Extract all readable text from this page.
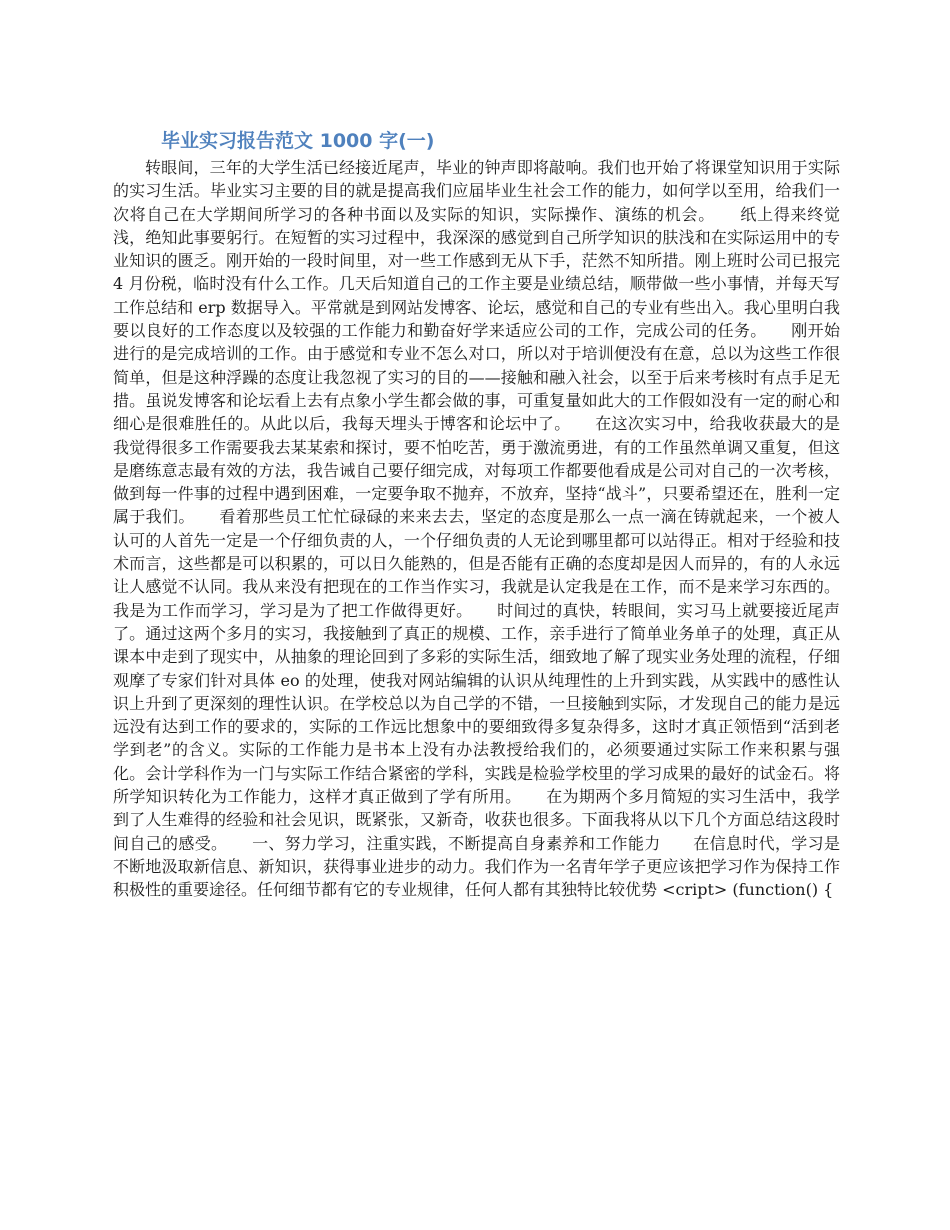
毕业实习报告范文 1000 字(一)

转眼间，三年的大学生活已经接近尾声，毕业的钟声即将敲响。我们也开始了将课堂知识用于实际的实习生活。毕业实习主要的目的就是提高我们应届毕业生社会工作的能力，如何学以至用，给我们一次将自己在大学期间所学习的各种书面以及实际的知识，实际操作、演练的机会。　　纸上得来终觉浅，绝知此事要躬行。在短暂的实习过程中，我深深的感觉到自己所学知识的肤浅和在实际运用中的专业知识的匮乏。刚开始的一段时间里，对一些工作感到无从下手，茫然不知所措。刚上班时公司已报完 4 月份税，临时没有什么工作。几天后知道自己的工作主要是业绩总结，顺带做一些小事情，并每天写工作总结和 erp 数据导入。平常就是到网站发博客、论坛，感觉和自己的专业有些出入。我心里明白我要以良好的工作态度以及较强的工作能力和勤奋好学来适应公司的工作，完成公司的任务。　　刚开始进行的是完成培训的工作。由于感觉和专业不怎么对口，所以对于培训便没有在意，总以为这些工作很简单，但是这种浮躁的态度让我忽视了实习的目的——接触和融入社会，以至于后来考核时有点手足无措。虽说发博客和论坛看上去有点象小学生都会做的事，可重复量如此大的工作假如没有一定的耐心和细心是很难胜任的。从此以后，我每天埋头于博客和论坛中了。　　在这次实习中，给我收获最大的是我觉得很多工作需要我去某某索和探讨，要不怕吃苦，勇于激流勇进，有的工作虽然单调又重复，但这是磨练意志最有效的方法，我告诫自己要仔细完成，对每项工作都要他看成是公司对自己的一次考核，做到每一件事的过程中遇到困难，一定要争取不抛弃，不放弃，坚持“战斗”，只要希望还在，胜利一定属于我们。　　看着那些员工忙忙碌碌的来来去去，坚定的态度是那么一点一滴在铸就起来，一个被人认可的人首先一定是一个仔细负责的人，一个仔细负责的人无论到哪里都可以站得正。相对于经验和技术而言，这些都是可以积累的，可以日久能熟的，但是否能有正确的态度却是因人而异的，有的人永远让人感觉不认同。我从来没有把现在的工作当作实习，我就是认定我是在工作，而不是来学习东西的。我是为工作而学习，学习是为了把工作做得更好。　　时间过的真快，转眼间，实习马上就要接近尾声了。通过这两个多月的实习，我接触到了真正的规模、工作，亲手进行了简单业务单子的处理，真正从课本中走到了现实中，从抽象的理论回到了多彩的实际生活，细致地了解了现实业务处理的流程，仔细观摩了专家们针对具体 eo 的处理，使我对网站编辑的认识从纯理性的上升到实践，从实践中的感性认识上升到了更深刻的理性认识。在学校总以为自己学的不错，一旦接触到实际，才发现自己的能力是远远没有达到工作的要求的，实际的工作远比想象中的要细致得多复杂得多，这时才真正领悟到“活到老学到老”的含义。实际的工作能力是书本上没有办法教授给我们的，必须要通过实际工作来积累与强化。会计学科作为一门与实际工作结合紧密的学科，实践是检验学校里的学习成果的最好的试金石。将所学知识转化为工作能力，这样才真正做到了学有所用。　　在为期两个多月简短的实习生活中，我学到了人生难得的经验和社会见识，既紧张，又新奇，收获也很多。下面我将从以下几个方面总结这段时间自己的感受。　　一、努力学习，注重实践，不断提高自身素养和工作能力　　在信息时代，学习是不断地汲取新信息、新知识，获得事业进步的动力。我们作为一名青年学子更应该把学习作为保持工作积极性的重要途径。任何细节都有它的专业规律，任何人都有其独特比较优势 <cript> (function() {
